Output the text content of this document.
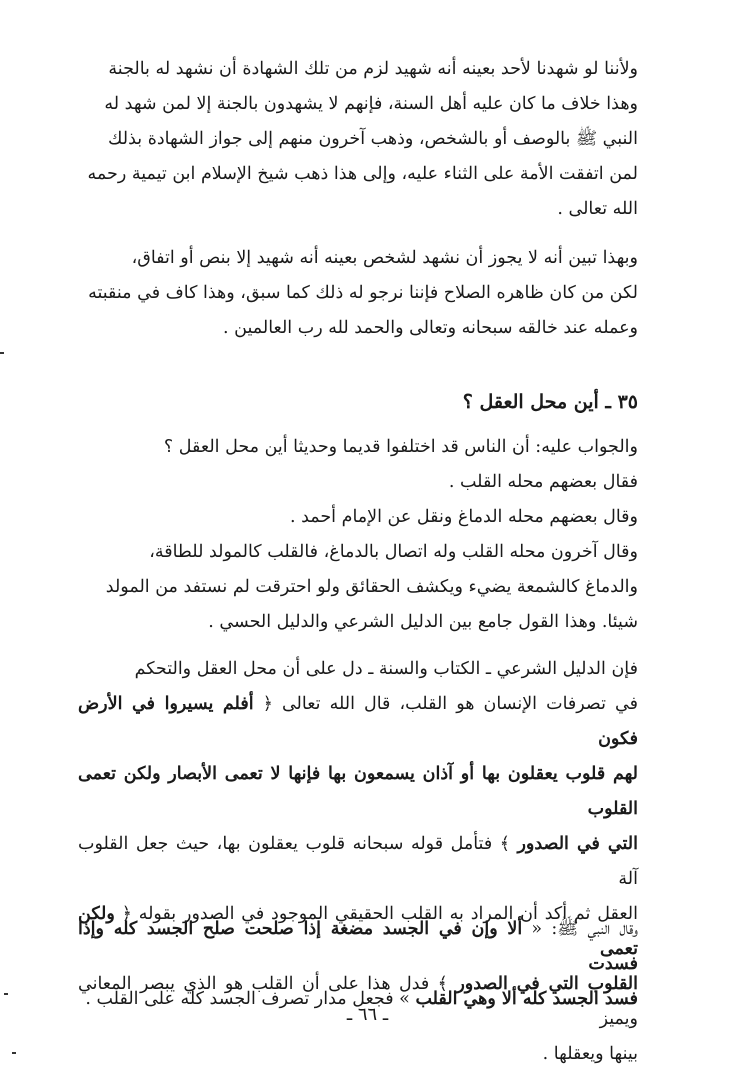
ولأننا لو شهدنا لأحد بعينه أنه شهيد لزم من تلك الشهادة أن نشهد له بالجنة

وهذا خلاف ما كان عليه أهل السنة، فإنهم لا يشهدون بالجنة إلا لمن شهد له

النبي ﷺ بالوصف أو بالشخص، وذهب آخرون منهم إلى جواز الشهادة بذلك

لمن اتفقت الأمة على الثناء عليه، وإلى هذا ذهب شيخ الإسلام ابن تيمية رحمه

الله تعالى .

وبهذا تبين أنه لا يجوز أن نشهد لشخص بعينه أنه شهيد إلا بنص أو اتفاق،

لكن من كان ظاهره الصلاح فإننا نرجو له ذلك كما سبق، وهذا كاف في منقبته

وعمله عند خالقه سبحانه وتعالى والحمد لله رب العالمين .

٣٥ ـ أين محل العقل ؟

والجواب عليه: أن الناس قد اختلفوا قديما وحديثا أين محل العقل ؟

فقال بعضهم محله القلب .

وقال بعضهم محله الدماغ ونقل عن الإمام أحمد .

وقال آخرون محله القلب وله اتصال بالدماغ، فالقلب كالمولد للطاقة،

والدماغ كالشمعة يضيء ويكشف الحقائق ولو احترقت لم نستفد من المولد

شيئا. وهذا القول جامع بين الدليل الشرعي والدليل الحسي .

فإن الدليل الشرعي ـ الكتاب والسنة ـ دل على أن محل العقل والتحكم

في تصرفات الإنسان هو القلب، قال الله تعالى ﴿ أفلم يسيروا في الأرض فكون

لهم قلوب يعقلون بها أو آذان يسمعون بها فإنها لا تعمى الأبصار ولكن تعمى القلوب

التي في الصدور ﴾ فتأمل قوله سبحانه قلوب يعقلون بها، حيث جعل القلوب آلة

العقل ثم أكد أن المراد به القلب الحقيقي الموجود في الصدور بقوله ﴿ ولكن تعمى

القلوب التي في الصدور ﴾ فدل هذا على أن القلب هو الذي يبصر المعاني ويميز

بينها ويعقلها .

وقال النبي ﷺ: « ألا وإن في الجسد مضغة إذا صلحت صلح الجسد كله وإذا فسدت

فسد الجسد كله ألا وهي القلب » فجعل مدار تصرف الجسد كله على القلب .

ـ ٦٦ ـ
